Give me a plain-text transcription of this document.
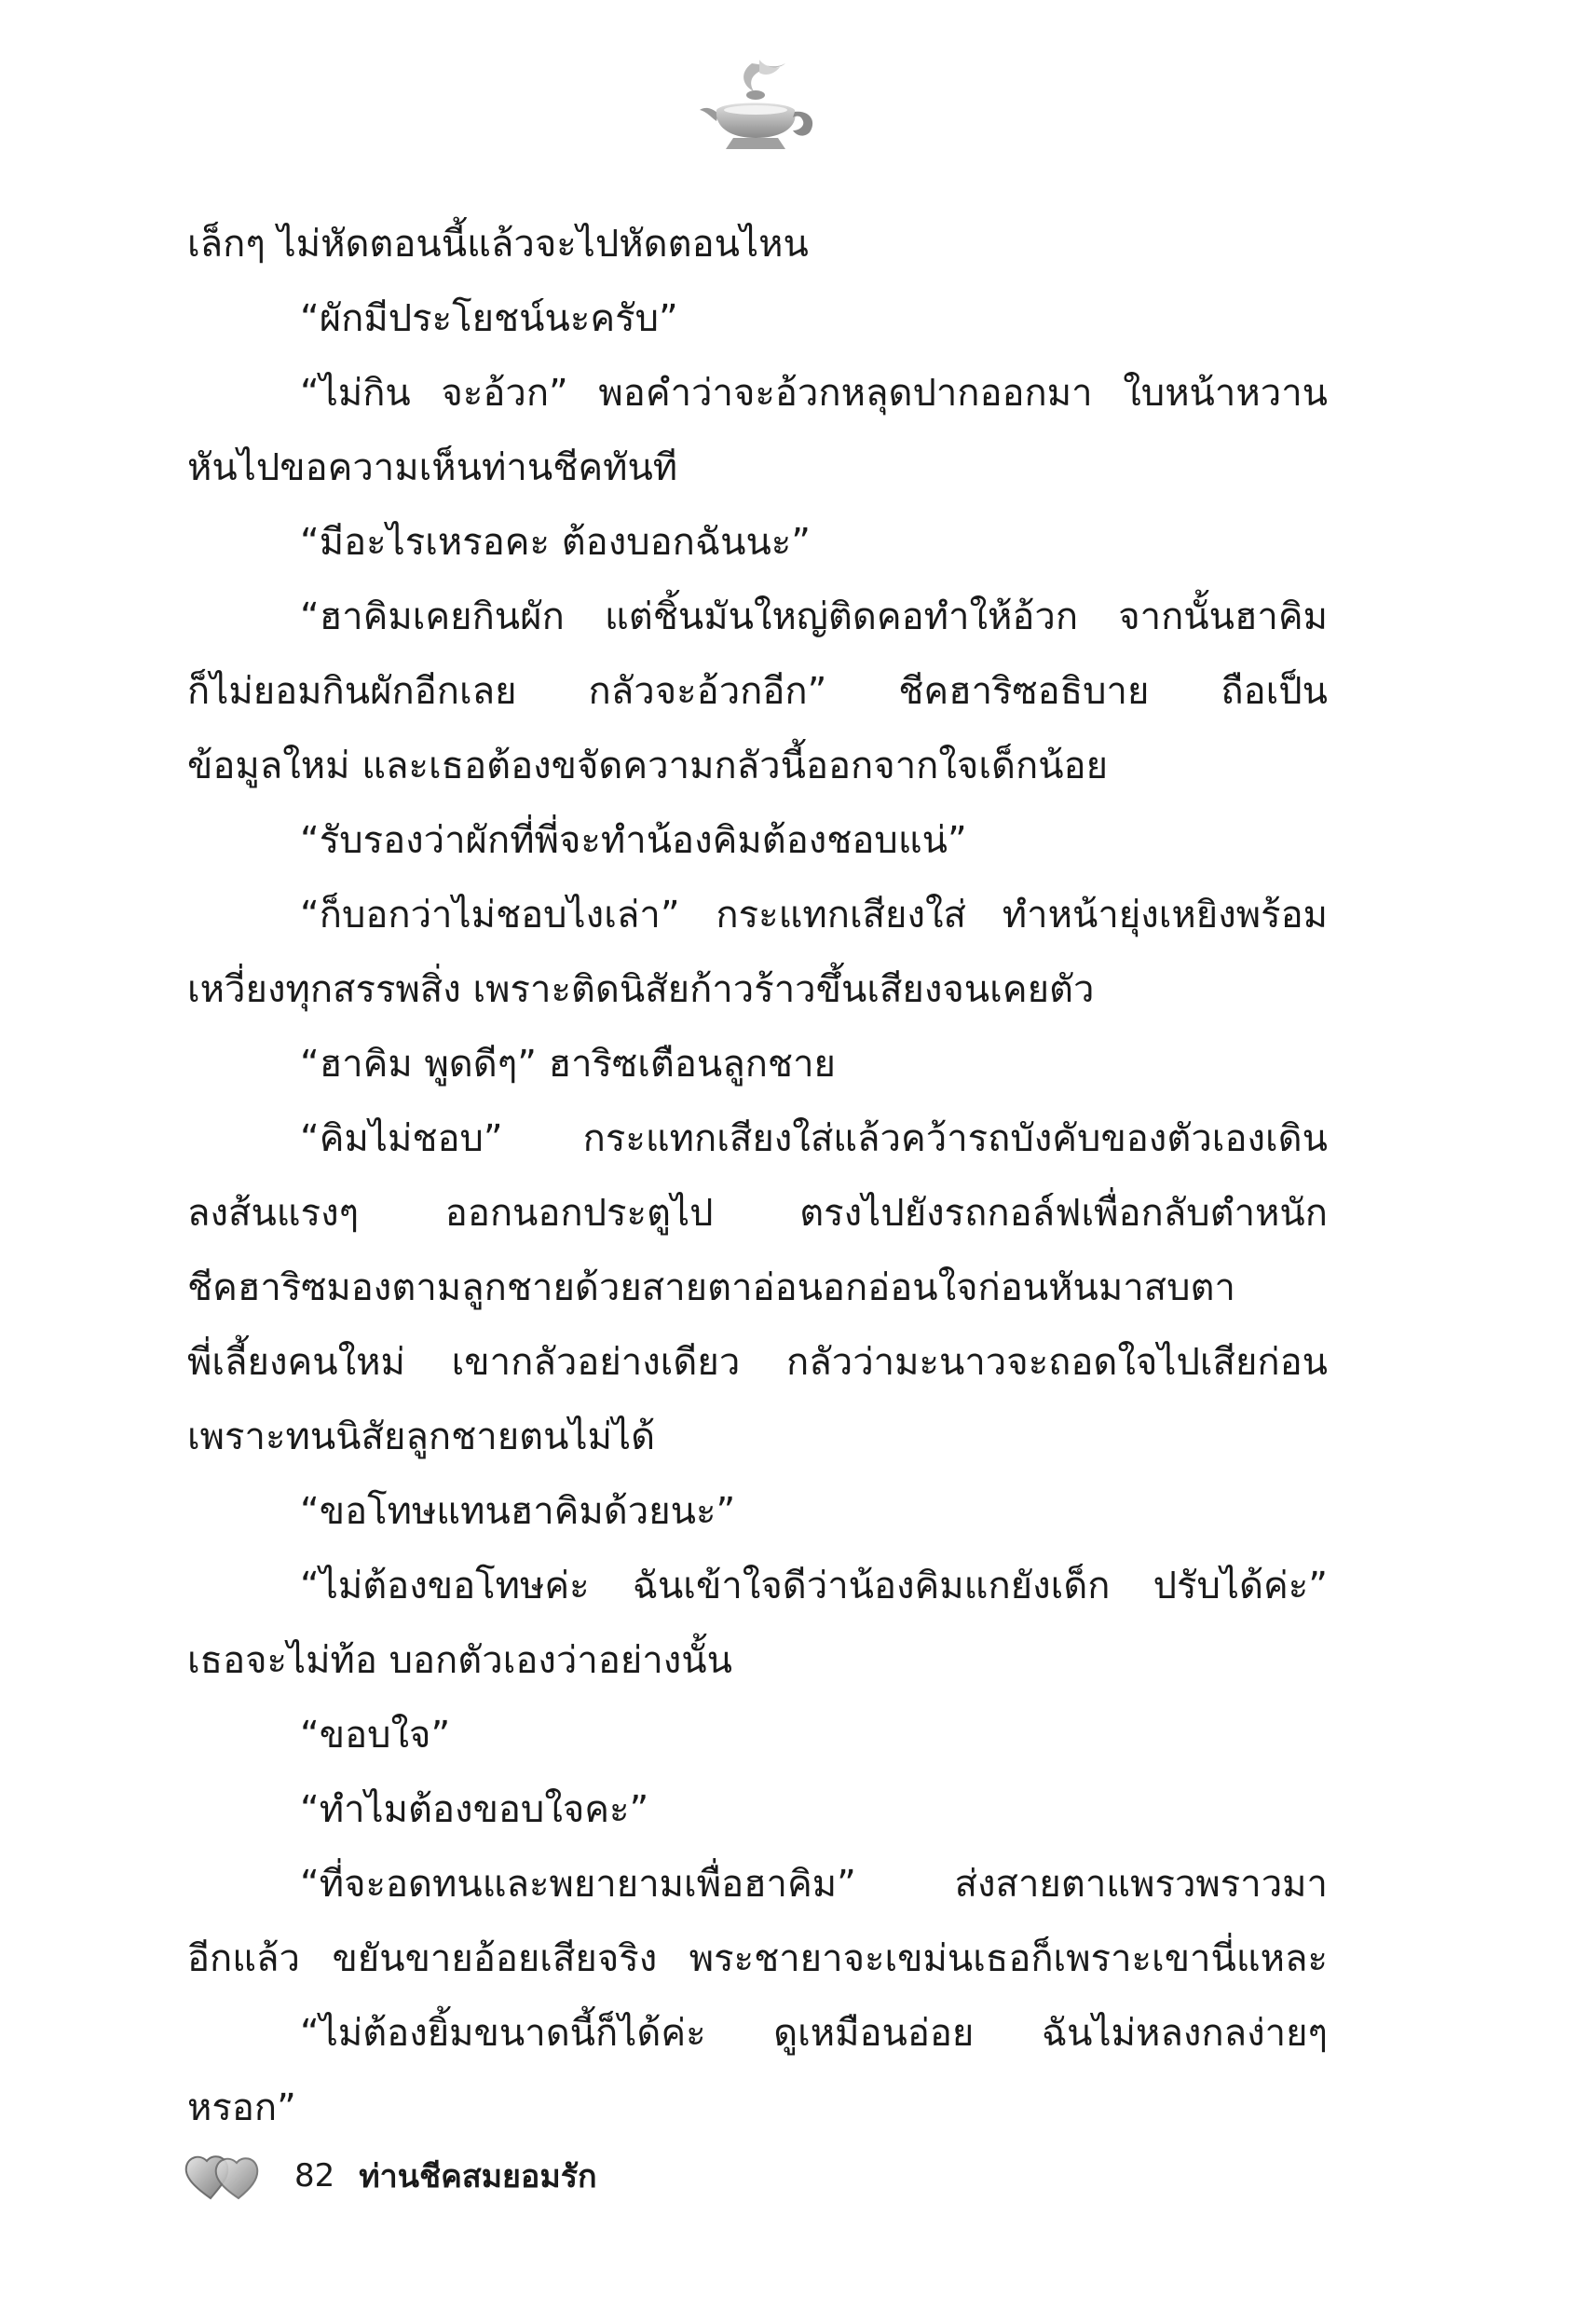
เล็กๆ ไม่หัดตอนนี้แล้วจะไปหัดตอนไหน
“ผักมีประโยชน์นะครับ”
“ไม่กิน จะอ้วก” พอคำว่าจะอ้วกหลุดปากออกมา ใบหน้าหวาน
หันไปขอความเห็นท่านชีคทันที
“มีอะไรเหรอคะ ต้องบอกฉันนะ”
“ฮาคิมเคยกินผัก แต่ชิ้นมันใหญ่ติดคอทำให้อ้วก จากนั้นฮาคิม
ก็ไม่ยอมกินผักอีกเลย กลัวจะอ้วกอีก” ชีคฮาริซอธิบาย ถือเป็น
ข้อมูลใหม่ และเธอต้องขจัดความกลัวนี้ออกจากใจเด็กน้อย
“รับรองว่าผักที่พี่จะทำน้องคิมต้องชอบแน่”
“ก็บอกว่าไม่ชอบไงเล่า” กระแทกเสียงใส่ ทำหน้ายุ่งเหยิงพร้อม
เหวี่ยงทุกสรรพสิ่ง เพราะติดนิสัยก้าวร้าวขึ้นเสียงจนเคยตัว
“ฮาคิม พูดดีๆ” ฮาริซเตือนลูกชาย
“คิมไม่ชอบ” กระแทกเสียงใส่แล้วคว้ารถบังคับของตัวเองเดิน
ลงส้นแรงๆ ออกนอกประตูไป ตรงไปยังรถกอล์ฟเพื่อกลับตำหนัก
ชีคฮาริซมองตามลูกชายด้วยสายตาอ่อนอกอ่อนใจก่อนหันมาสบตา
พี่เลี้ยงคนใหม่ เขากลัวอย่างเดียว กลัวว่ามะนาวจะถอดใจไปเสียก่อน
เพราะทนนิสัยลูกชายตนไม่ได้
“ขอโทษแทนฮาคิมด้วยนะ”
“ไม่ต้องขอโทษค่ะ ฉันเข้าใจดีว่าน้องคิมแกยังเด็ก ปรับได้ค่ะ”
เธอจะไม่ท้อ บอกตัวเองว่าอย่างนั้น
“ขอบใจ”
“ทำไมต้องขอบใจคะ”
“ที่จะอดทนและพยายามเพื่อฮาคิม” ส่งสายตาแพรวพราวมา
อีกแล้ว ขยันขายอ้อยเสียจริง พระชายาจะเขม่นเธอก็เพราะเขานี่แหละ
“ไม่ต้องยิ้มขนาดนี้ก็ได้ค่ะ ดูเหมือนอ่อย ฉันไม่หลงกลง่ายๆ
หรอก”
82 ท่านชีคสมยอมรัก
